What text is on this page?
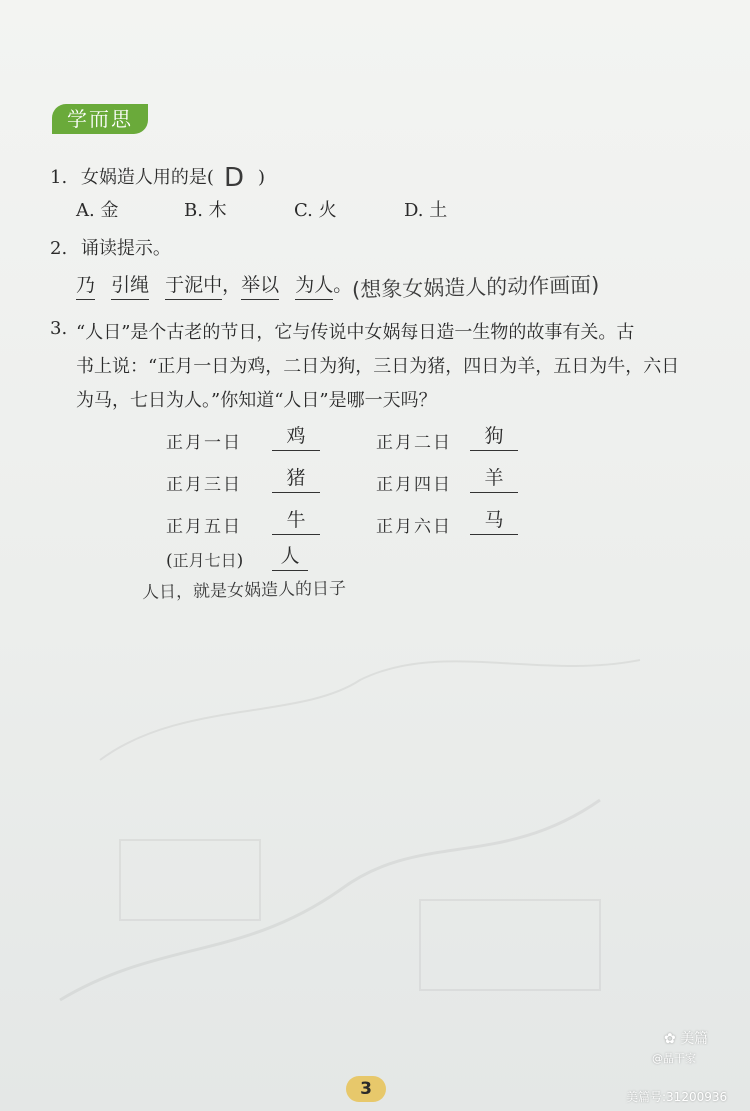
学而思
1. 女娲造人用的是( D )
A. 金	B. 木	C. 火	D. 土
2. 诵读提示。
乃 引绳 于泥中，举以 为人。 (想象女娲造人的动作画面)
3. “人日”是个古老的节日，它与传说中女娲每日造一生物的故事有关。古
书上说：“正月一日为鸡，二日为狗，三日为猪，四日为羊，五日为牛，六日
为马，七日为人。”你知道“人日”是哪一天吗？
正月一日	鸡	正月二日	狗
正月三日	猪	正月四日	羊
正月五日	牛	正月六日	马
(正月七日)	人
人日，就是女娲造人的日子
3
✿ 美篇
@晶干家
美篇号:31200936
